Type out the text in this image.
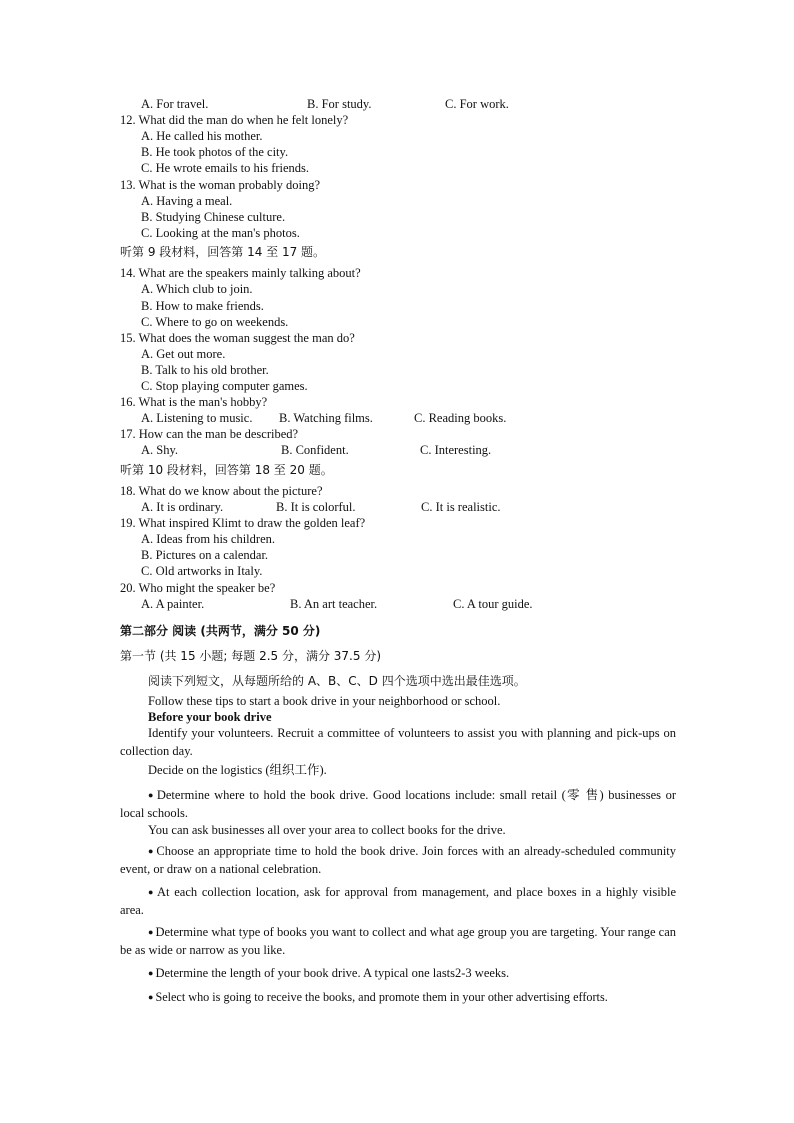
A. For travel.	B. For study.	C. For work.
12. What did the man do when he felt lonely?
A. He called his mother.
B. He took photos of the city.
C. He wrote emails to his friends.
13. What is the woman probably doing?
A. Having a meal.
B. Studying Chinese culture.
C. Looking at the man's photos.
听第 9 段材料，回答第 14 至 17 题。
14. What are the speakers mainly talking about?
A. Which club to join.
B. How to make friends.
C. Where to go on weekends.
15. What does the woman suggest the man do?
A. Get out more.
B. Talk to his old brother.
C. Stop playing computer games.
16. What is the man's hobby?
A. Listening to music. B. Watching films.	C. Reading books.
17. How can the man be described?
A. Shy.	B. Confident.	C. Interesting.
听第 10 段材料，回答第 18 至 20 题。
18. What do we know about the picture?
A. It is ordinary.	B. It is colorful.	C. It is realistic.
19. What inspired Klimt to draw the golden leaf?
A. Ideas from his children.
B. Pictures on a calendar.
C. Old artworks in Italy.
20. Who might the speaker be?
A. A painter.	B. An art teacher.	C. A tour guide.
第二部分 阅读 (共两节，满分 50 分)
第一节 (共 15 小题; 每题 2.5 分，满分 37.5 分)
阅读下列短文，从每题所给的 A、B、C、D 四个选项中选出最佳选项。
Follow these tips to start a book drive in your neighborhood or school.
Before your book drive
Identify your volunteers. Recruit a committee of volunteers to assist you with planning and pick-ups on collection day.
Decide on the logistics (组织工作).
● Determine where to hold the book drive. Good locations include: small retail (零 售) businesses or local schools.
You can ask businesses all over your area to collect books for the drive.
● Choose an appropriate time to hold the book drive. Join forces with an already-scheduled community event, or draw on a national celebration.
● At each collection location, ask for approval from management, and place boxes in a highly visible area.
● Determine what type of books you want to collect and what age group you are targeting. Your range can be as wide or narrow as you like.
● Determine the length of your book drive. A typical one lasts2-3 weeks.
● Select who is going to receive the books, and promote them in your other advertising efforts.
